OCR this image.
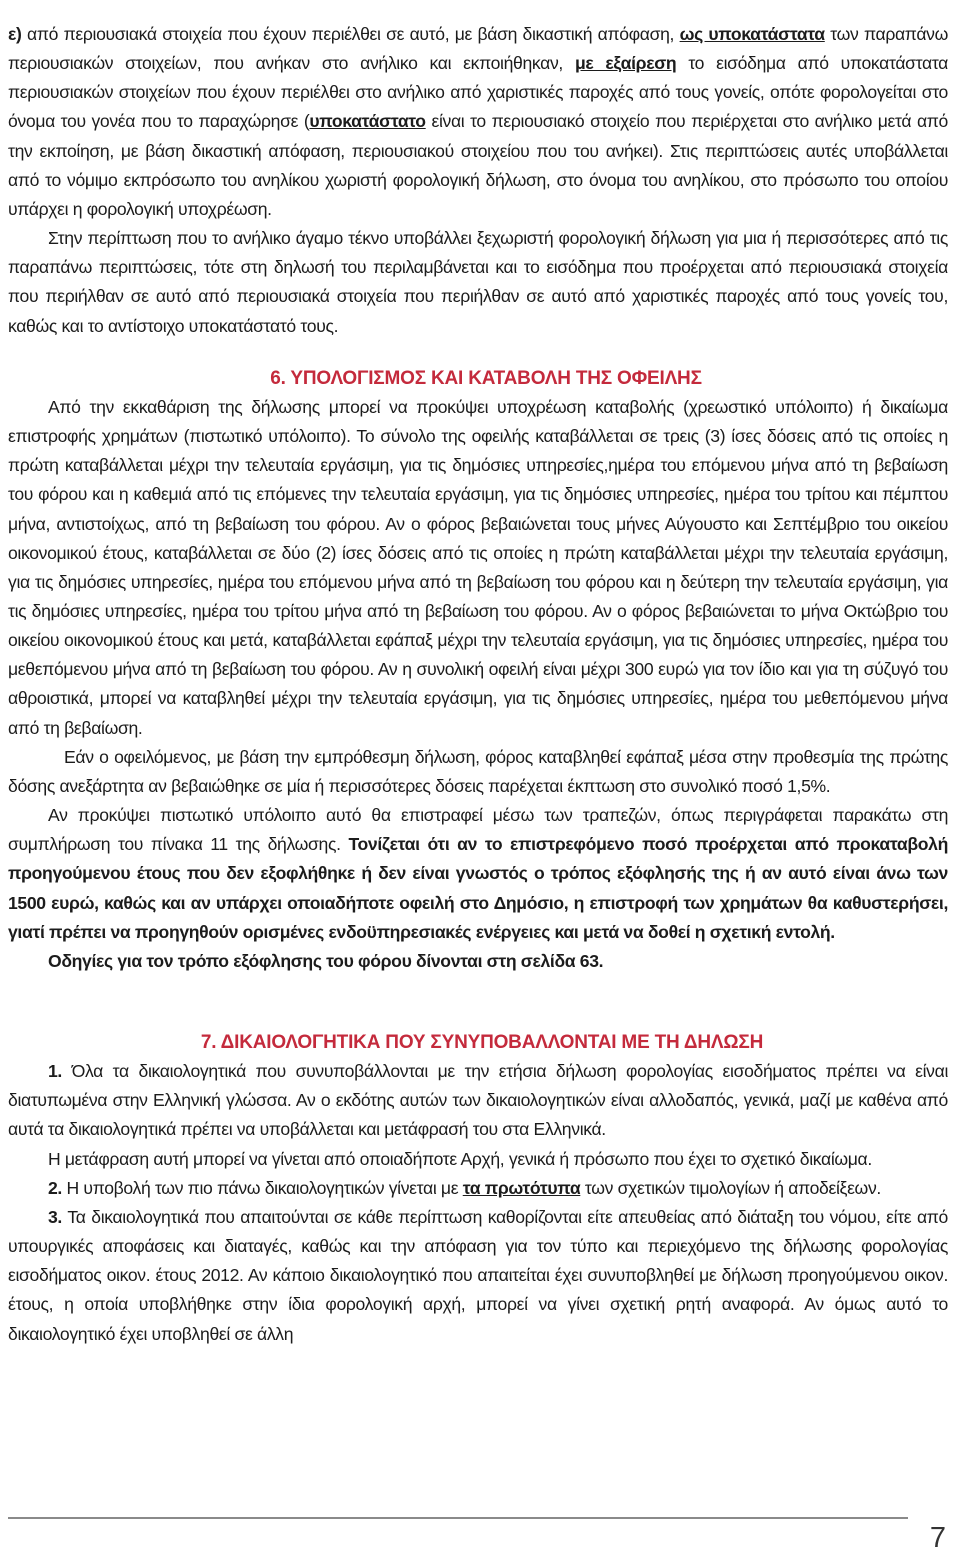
ε) από περιουσιακά στοιχεία που έχουν περιέλθει σε αυτό, με βάση δικαστική απόφαση, ως υποκατάστατα των παραπάνω περιουσιακών στοιχείων, που ανήκαν στο ανήλικο και εκποιήθηκαν, με εξαίρεση το εισόδημα από υποκατάστατα περιουσιακών στοιχείων που έχουν περιέλθει στο ανήλικο από χαριστικές παροχές από τους γονείς, οπότε φορολογείται στο όνομα του γονέα που το παραχώρησε (υποκατάστατο είναι το περιουσιακό στοιχείο που περιέρχεται στο ανήλικο μετά από την εκποίηση, με βάση δικαστική απόφαση, περιουσιακού στοιχείου που του ανήκει). Στις περιπτώσεις αυτές υποβάλλεται από το νόμιμο εκπρόσωπο του ανηλίκου χωριστή φορολογική δήλωση, στο όνομα του ανηλίκου, στο πρόσωπο του οποίου υπάρχει η φορολογική υποχρέωση.

Στην περίπτωση που το ανήλικο άγαμο τέκνο υποβάλλει ξεχωριστή φορολογική δήλωση για μια ή περισσότερες από τις παραπάνω περιπτώσεις, τότε στη δηλωσή του περιλαμβάνεται και το εισόδημα που προέρχεται από περιουσιακά στοιχεία που περιήλθαν σε αυτό από περιουσιακά στοιχεία που περιήλθαν σε αυτό από χαριστικές παροχές από τους γονείς του, καθώς και το αντίστοιχο υποκατάστατό τους.

6. ΥΠΟΛΟΓΙΣΜΟΣ ΚΑΙ ΚΑΤΑΒΟΛΗ ΤΗΣ ΟΦΕΙΛΗΣ

Από την εκκαθάριση της δήλωσης μπορεί να προκύψει υποχρέωση καταβολής (χρεωστικό υπόλοιπο) ή δικαίωμα επιστροφής χρημάτων (πιστωτικό υπόλοιπο). Το σύνολο της οφειλής καταβάλλεται σε τρεις (3) ίσες δόσεις από τις οποίες η πρώτη καταβάλλεται μέχρι την τελευταία εργάσιμη, για τις δημόσιες υπηρεσίες,ημέρα του επόμενου μήνα από τη βεβαίωση του φόρου και η καθεμιά από τις επόμενες την τελευταία εργάσιμη, για τις δημόσιες υπηρεσίες, ημέρα του τρίτου και πέμπτου μήνα, αντιστοίχως, από τη βεβαίωση του φόρου. Αν ο φόρος βεβαιώνεται τους μήνες Αύγουστο και Σεπτέμβριο του οικείου οικονομικού έτους, καταβάλλεται σε δύο (2) ίσες δόσεις από τις οποίες η πρώτη καταβάλλεται μέχρι την τελευταία εργάσιμη, για τις δημόσιες υπηρεσίες, ημέρα του επόμενου μήνα από τη βεβαίωση του φόρου και η δεύτερη την τελευταία εργάσιμη, για τις δημόσιες υπηρεσίες, ημέρα του τρίτου μήνα από τη βεβαίωση του φόρου. Αν ο φόρος βεβαιώνεται το μήνα Οκτώβριο του οικείου οικονομικού έτους και μετά, καταβάλλεται εφάπαξ μέχρι την τελευταία εργάσιμη, για τις δημόσιες υπηρεσίες, ημέρα του μεθεπόμενου μήνα από τη βεβαίωση του φόρου. Αν η συνολική οφειλή είναι μέχρι 300 ευρώ για τον ίδιο και για τη σύζυγό του αθροιστικά, μπορεί να καταβληθεί μέχρι την τελευταία εργάσιμη, για τις δημόσιες υπηρεσίες, ημέρα του μεθεπόμενου μήνα από τη βεβαίωση.

Εάν ο οφειλόμενος, με βάση την εμπρόθεσμη δήλωση, φόρος καταβληθεί εφάπαξ μέσα στην προθεσμία της πρώτης δόσης ανεξάρτητα αν βεβαιώθηκε σε μία ή περισσότερες δόσεις παρέχεται έκπτωση στο συνολικό ποσό 1,5%.

Αν προκύψει πιστωτικό υπόλοιπο αυτό θα επιστραφεί μέσω των τραπεζών, όπως περιγράφεται παρακάτω στη συμπλήρωση του πίνακα 11 της δήλωσης. Τονίζεται ότι αν το επιστρεφόμενο ποσό προέρχεται από προκαταβολή προηγούμενου έτους που δεν εξοφλήθηκε ή δεν είναι γνωστός ο τρόπος εξόφλησής της ή αν αυτό είναι άνω των 1500 ευρώ, καθώς και αν υπάρχει οποιαδήποτε οφειλή στο Δημόσιο, η επιστροφή των χρημάτων θα καθυστερήσει, γιατί πρέπει να προηγηθούν ορισμένες ενδοϋπηρεσιακές ενέργειες και μετά να δοθεί η σχετική εντολή.

Οδηγίες για τον τρόπο εξόφλησης του φόρου δίνονται στη σελίδα 63.

7. ΔΙΚΑΙΟΛΟΓΗΤΙΚΑ ΠΟΥ ΣΥΝΥΠΟΒΑΛΛΟΝΤΑΙ ΜΕ ΤΗ ΔΗΛΩΣΗ

1. Όλα τα δικαιολογητικά που συνυποβάλλονται με την ετήσια δήλωση φορολογίας εισοδήματος πρέπει να είναι διατυπωμένα στην Ελληνική γλώσσα. Αν ο εκδότης αυτών των δικαιολογητικών είναι αλλοδαπός, γενικά, μαζί με καθένα από αυτά τα δικαιολογητικά πρέπει να υποβάλλεται και μετάφρασή του στα Ελληνικά.

Η μετάφραση αυτή μπορεί να γίνεται από οποιαδήποτε Αρχή, γενικά ή πρόσωπο που έχει το σχετικό δικαίωμα.

2. Η υποβολή των πιο πάνω δικαιολογητικών γίνεται με τα πρωτότυπα των σχετικών τιμολογίων ή αποδείξεων.

3. Τα δικαιολογητικά που απαιτούνται σε κάθε περίπτωση καθορίζονται είτε απευθείας από διάταξη του νόμου, είτε από υπουργικές αποφάσεις και διαταγές, καθώς και την απόφαση για τον τύπο και περιεχόμενο της δήλωσης φορολογίας εισοδήματος οικον. έτους 2012. Αν κάποιο δικαιολογητικό που απαιτείται έχει συνυποβληθεί με δήλωση προηγούμενου οικον. έτους, η οποία υποβλήθηκε στην ίδια φορολογική αρχή, μπορεί να γίνει σχετική ρητή αναφορά. Αν όμως αυτό το δικαιολογητικό έχει υποβληθεί σε άλλη

7
